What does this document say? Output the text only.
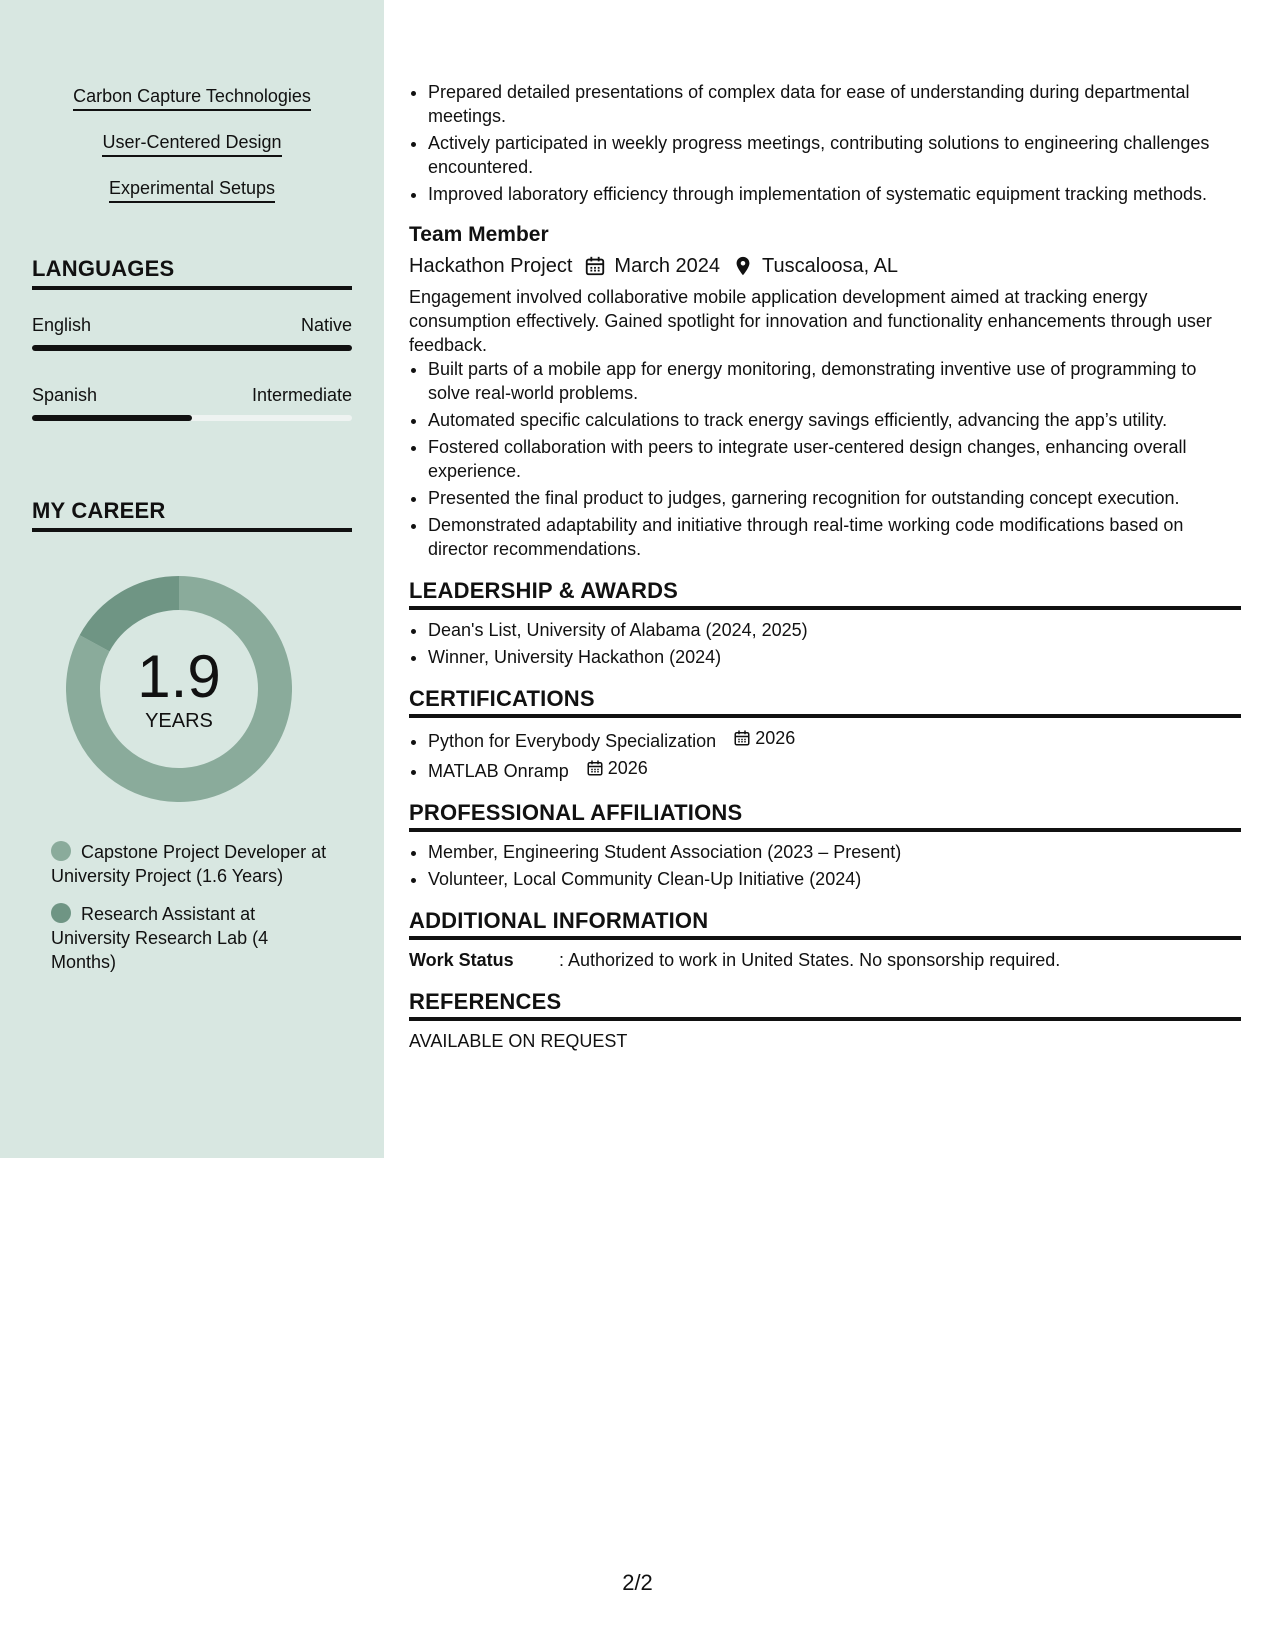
Carbon Capture Technologies
User-Centered Design
Experimental Setups
LANGUAGES
English	Native
Spanish	Intermediate
MY CAREER
1.9
YEARS
Capstone Project Developer at University Project (1.6 Years)
Research Assistant at University Research Lab (4 Months)
• Prepared detailed presentations of complex data for ease of understanding during departmental meetings.
• Actively participated in weekly progress meetings, contributing solutions to engineering challenges encountered.
• Improved laboratory efficiency through implementation of systematic equipment tracking methods.
Team Member
Hackathon Project March 2024 Tuscaloosa, AL
Engagement involved collaborative mobile application development aimed at tracking energy consumption effectively. Gained spotlight for innovation and functionality enhancements through user feedback.
• Built parts of a mobile app for energy monitoring, demonstrating inventive use of programming to solve real-world problems.
• Automated specific calculations to track energy savings efficiently, advancing the app’s utility.
• Fostered collaboration with peers to integrate user-centered design changes, enhancing overall experience.
• Presented the final product to judges, garnering recognition for outstanding concept execution.
• Demonstrated adaptability and initiative through real-time working code modifications based on director recommendations.
LEADERSHIP & AWARDS
• Dean's List, University of Alabama (2024, 2025)
• Winner, University Hackathon (2024)
CERTIFICATIONS
• Python for Everybody Specialization 2026
• MATLAB Onramp 2026
PROFESSIONAL AFFILIATIONS
• Member, Engineering Student Association (2023 – Present)
• Volunteer, Local Community Clean-Up Initiative (2024)
ADDITIONAL INFORMATION
Work Status	: Authorized to work in United States. No sponsorship required.
REFERENCES
AVAILABLE ON REQUEST
2/2
